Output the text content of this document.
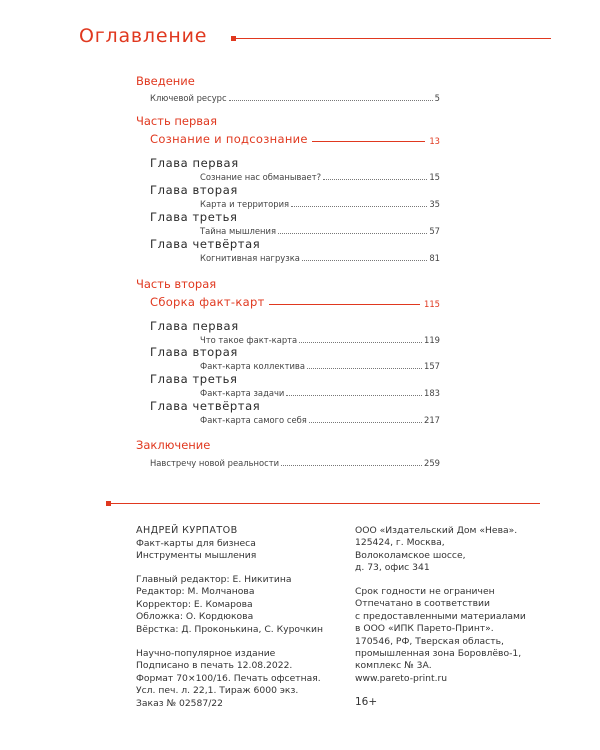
Оглавление
Введение
Ключевой ресурс	5
Часть первая
Сознание и подсознание	13
Глава первая
Сознание нас обманывает?	15
Глава вторая
Карта и территория	35
Глава третья
Тайна мышления	57
Глава четвёртая
Когнитивная нагрузка	81
Часть вторая
Сборка факт-карт	115
Глава первая
Что такое факт-карта	119
Глава вторая
Факт-карта коллектива	157
Глава третья
Факт-карта задачи	183
Глава четвёртая
Факт-карта самого себя	217
Заключение
Навстречу новой реальности	259
АНДРЕЙ КУРПАТОВ
Факт-карты для бизнеса
Инструменты мышления
Главный редактор: Е. Никитина
Редактор: М. Молчанова
Корректор: Е. Комарова
Обложка: О. Кордюкова
Вёрстка: Д. Проконькина, С. Курочкин
Научно-популярное издание
Подписано в печать 12.08.2022.
Формат 70×100/16. Печать офсетная.
Усл. печ. л. 22,1. Тираж 6000 экз.
Заказ № 02587/22
ООО «Издательский Дом «Нева».
125424, г. Москва,
Волоколамское шоссе,
д. 73, офис 341
Срок годности не ограничен
Отпечатано в соответствии
с предоставленными материалами
в ООО «ИПК Парето-Принт».
170546, РФ, Тверская область,
промышленная зона Боровлёво-1,
комплекс № 3А.
www.pareto-print.ru
16+
